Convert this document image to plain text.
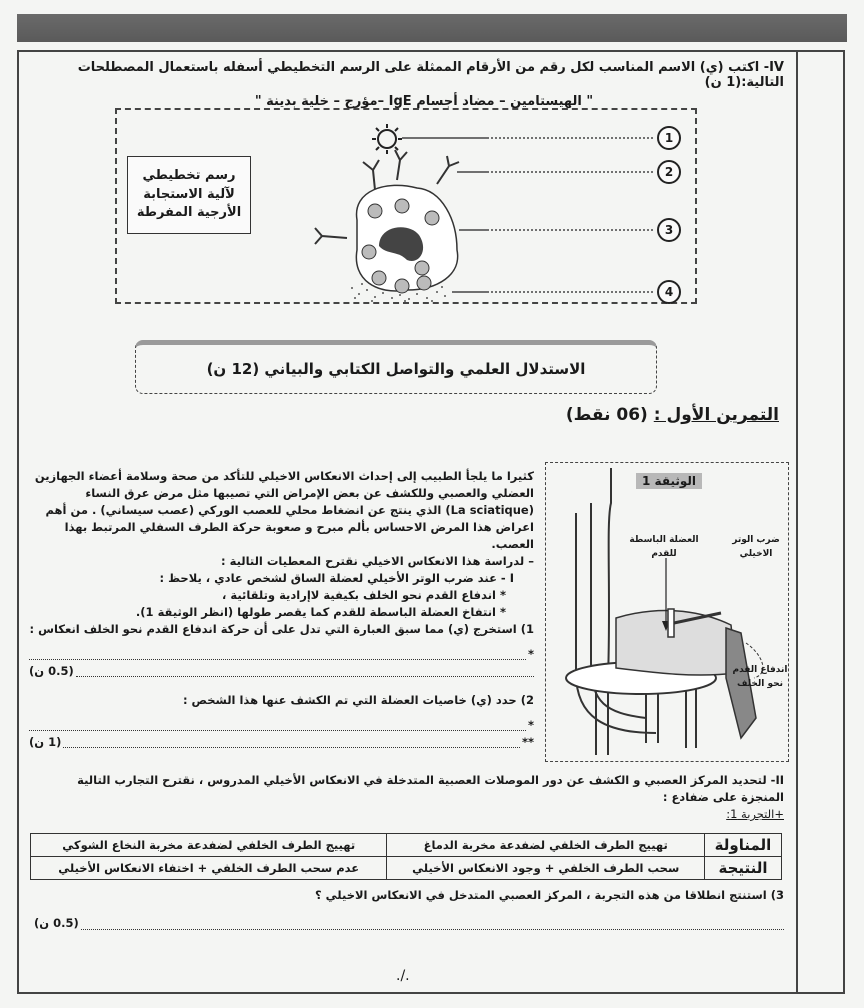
IV- اكتب (ي) الاسم المناسب لكل رقم من الأرقام الممثلة على الرسم التخطيطي أسفله باستعمال المصطلحات التالية:(1 ن)
" الهيستامين – مضاد أجسام IgE –مؤرج – خلية بدينة "
رسم تخطيطي لآلية الاستجابة الأرجية المفرطة
1
2
3
4
الاستدلال العلمي والتواصل الكتابي والبياني (12 ن)
التمرين الأول : (06 نقط)
كثيرا ما يلجأ الطبيب إلى إحداث الانعكاس الاخيلي للتأكد من صحة وسلامة أعضاء الجهازين
العضلي والعصبي وللكشف عن بعض الإمراض التي تصيبها مثل مرض عرق النساء
(La sciatique) الذي ينتج عن انضغاط محلي للعصب الوركي (عصب سيساني) . من أهم
اعراض هذا المرض الاحساس بألم مبرح و صعوبة حركة الطرف السفلي المرتبط بهذا العصب.
– لدراسة هذا الانعكاس الاخيلي نقترح المعطيات التالية :
I - عند ضرب الوتر الأخيلي لعضلة الساق لشخص عادي ، يلاحظ :
* اندفاع القدم نحو الخلف بكيفية لاإرادية وتلقائية ،
* انتفاخ العضلة الباسطة للقدم كما يقصر طولها (انظر الوثيقة 1).
1) استخرج (ي) مما سبق العبارة التي تدل على أن حركة اندفاع القدم نحو الخلف انعكاس :
*
(0.5 ن)
2) حدد (ي) خاصيات العضلة التي تم الكشف عنها هذا الشخص :
*
**
(1 ن)
الوثيقة 1
العضلة الباسطة للقدم
ضرب الوتر الاخيلي
اندفاع القدم نحو الخلف
II- لتحديد المركز العصبي و الكشف عن دور الموصلات العصبية المتدخلة في الانعكاس الأخيلي المدروس ، نقترح التجارب التالية المنجزة على ضفادع :
+التجربة 1:
المناولة	تهييج الطرف الخلفي لضفدعة مخربة الدماغ	تهييج الطرف الخلفي لضفدعة مخربة النخاع الشوكي
النتيجة	سحب الطرف الخلفي + وجود الانعكاس الأخيلي	عدم سحب الطرف الخلفي + اختفاء الانعكاس الأخيلي
3) استنتج انطلاقا من هذه التجربة ، المركز العصبي المتدخل في الانعكاس الاخيلي ؟
(0.5 ن)
./.
